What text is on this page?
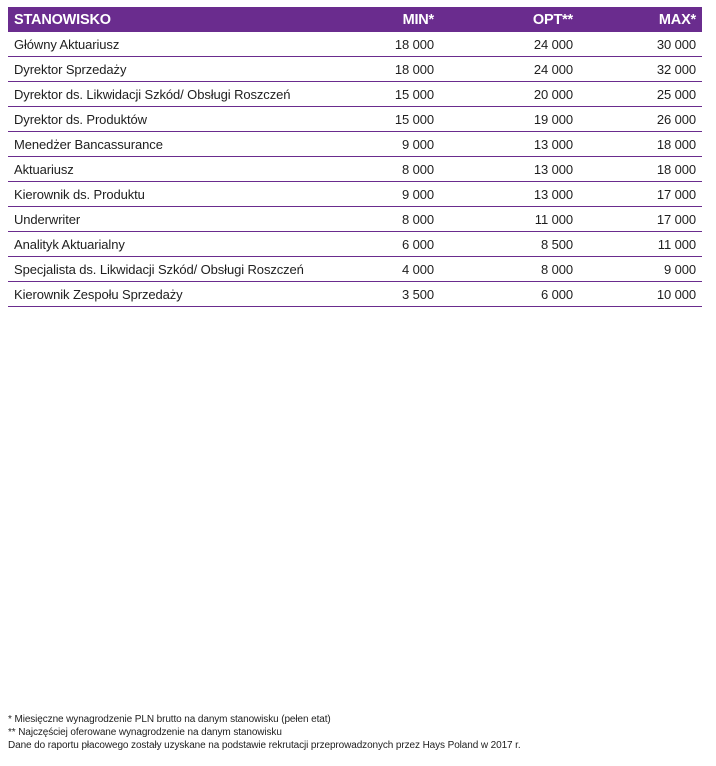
STANOWISKO	MIN*	OPT**	MAX*
Główny Aktuariusz	18 000	24 000	30 000
Dyrektor Sprzedaży	18 000	24 000	32 000
Dyrektor ds. Likwidacji Szkód/ Obsługi Roszczeń	15 000	20 000	25 000
Dyrektor ds. Produktów	15 000	19 000	26 000
Menedżer Bancassurance	9 000	13 000	18 000
Aktuariusz	8 000	13 000	18 000
Kierownik ds. Produktu	9 000	13 000	17 000
Underwriter	8 000	11 000	17 000
Analityk Aktuarialny	6 000	8 500	11 000
Specjalista ds. Likwidacji Szkód/ Obsługi Roszczeń	4 000	8 000	9 000
Kierownik Zespołu Sprzedaży	3 500	6 000	10 000
* Miesięczne wynagrodzenie PLN brutto na danym stanowisku (pełen etat)
** Najczęściej oferowane wynagrodzenie na danym stanowisku
Dane do raportu płacowego zostały uzyskane na podstawie rekrutacji przeprowadzonych przez Hays Poland w 2017 r.
